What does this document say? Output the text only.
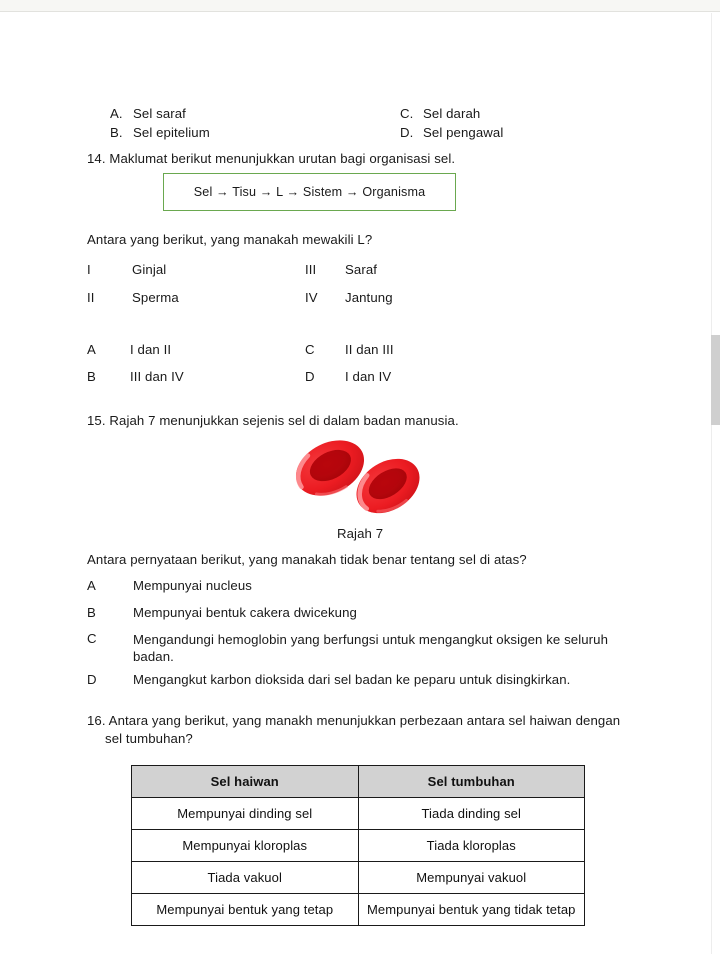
A. Sel saraf
B. Sel epitelium
C. Sel darah
D. Sel pengawal
14. Maklumat berikut menunjukkan urutan bagi organisasi sel.
Sel → Tisu → L → Sistem → Organisma
Antara yang berikut, yang manakah mewakili L?
I	Ginjal
II	Sperma
III Saraf
IV Jantung
A	I dan II
B	III dan IV
C II dan III
D I dan IV
15. Rajah 7 menunjukkan sejenis sel di dalam badan manusia.
Rajah 7
Antara pernyataan berikut, yang manakah tidak benar tentang sel di atas?
A	Mempunyai nucleus
B	Mempunyai bentuk cakera dwicekung
C	Mengandungi hemoglobin yang berfungsi untuk mengangkut oksigen ke seluruh badan.
D	Mengangkut karbon dioksida dari sel badan ke peparu untuk disingkirkan.
16. Antara yang berikut, yang manakh menunjukkan perbezaan antara sel haiwan dengan
sel tumbuhan?
Sel haiwan	Sel tumbuhan
Mempunyai dinding sel	Tiada dinding sel
Mempunyai kloroplas	Tiada kloroplas
Tiada vakuol	Mempunyai vakuol
Mempunyai bentuk yang tetap	Mempunyai bentuk yang tidak tetap
